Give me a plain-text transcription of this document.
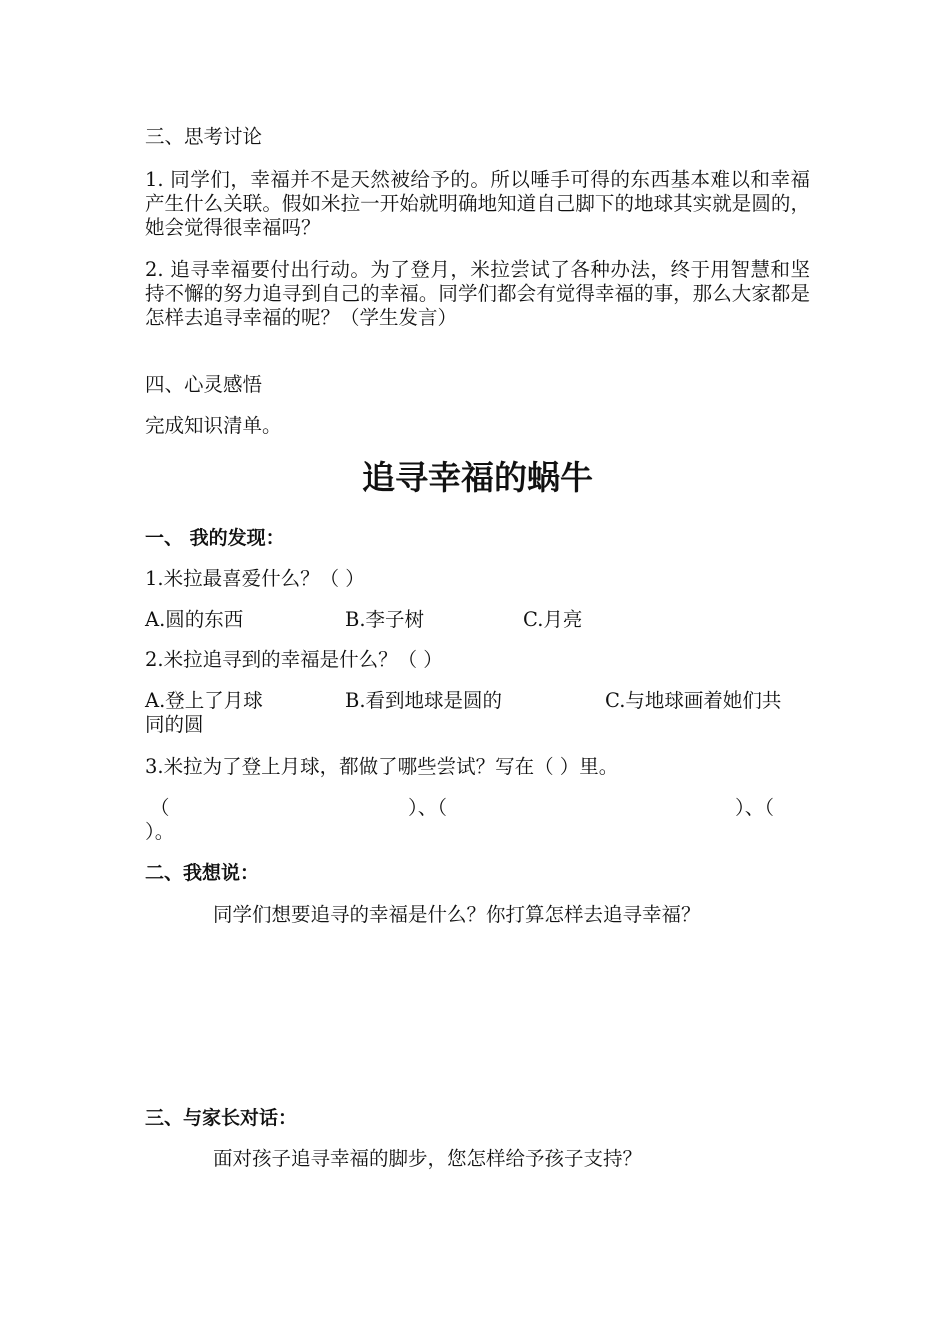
三、思考讨论

1. 同学们，幸福并不是天然被给予的。所以唾手可得的东西基本难以和幸福产生什么关联。假如米拉一开始就明确地知道自己脚下的地球其实就是圆的，她会觉得很幸福吗？

2. 追寻幸福要付出行动。为了登月，米拉尝试了各种办法，终于用智慧和坚持不懈的努力追寻到自己的幸福。同学们都会有觉得幸福的事，那么大家都是怎样去追寻幸福的呢？（学生发言）

四、心灵感悟

完成知识清单。

追寻幸福的蜗牛

一、 我的发现：

1.米拉最喜爱什么？（ ）

A.圆的东西	B.李子树	C.月亮

2.米拉追寻到的幸福是什么？（ ）

A.登上了月球	B.看到地球是圆的	C.与地球画着她们共
同的圆

3.米拉为了登上月球，都做了哪些尝试？写在（ ）里。

（	）、（	）、（
）。

二、我想说：

同学们想要追寻的幸福是什么？你打算怎样去追寻幸福？

三、与家长对话：

面对孩子追寻幸福的脚步，您怎样给予孩子支持？
